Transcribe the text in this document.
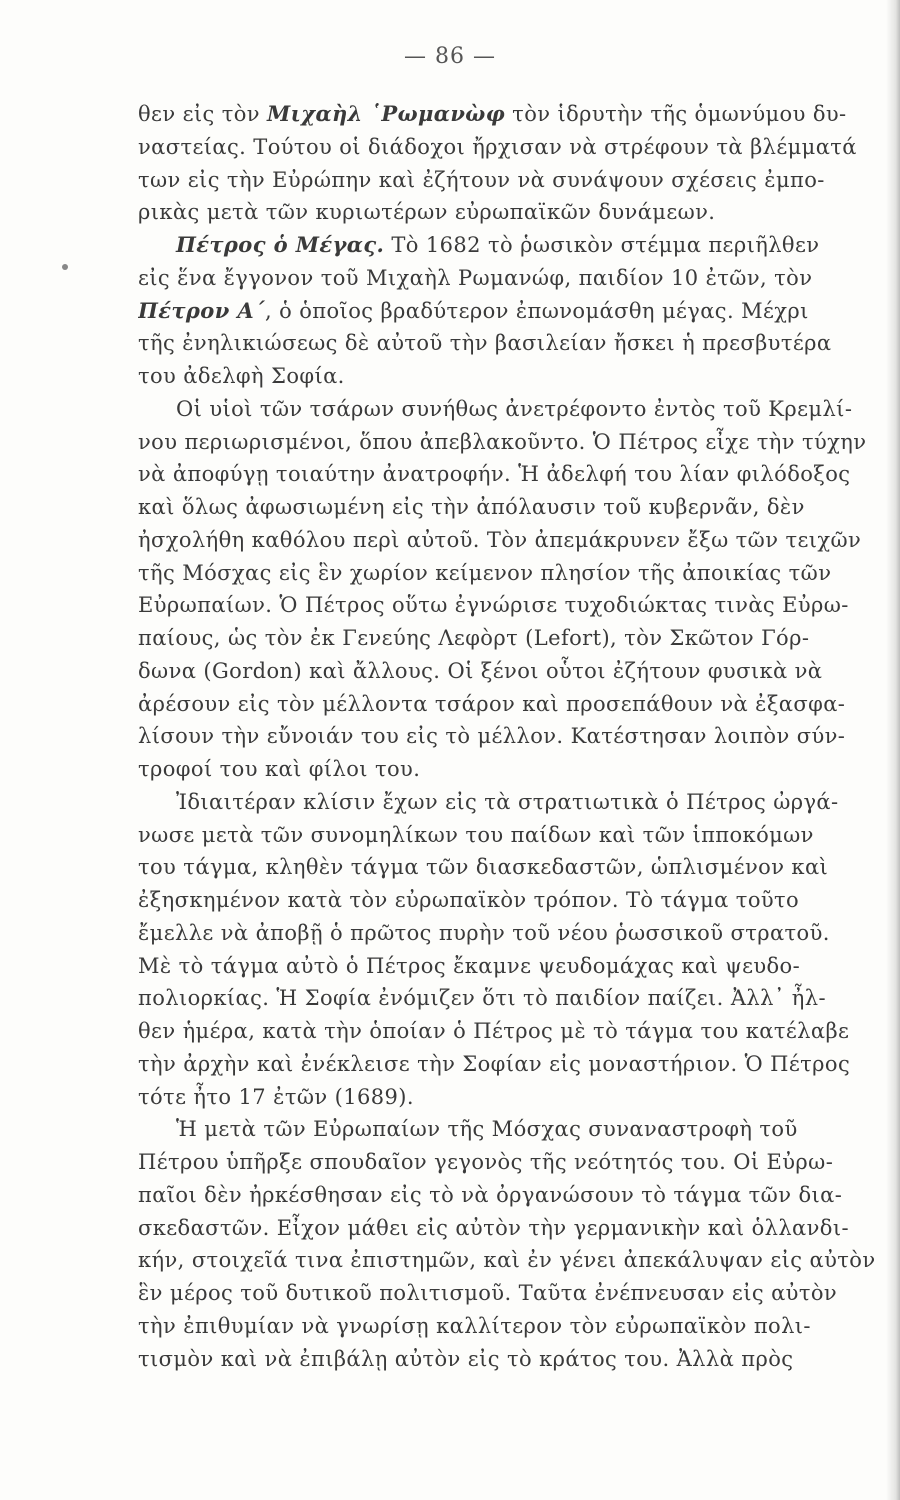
— 86 —
θεν εἰς τὸν Μιχαὴλ ῾Ρωμανὼφ τὸν ἱδρυτὴν τῆς ὁμωνύμου δυ-
ναστείας. Τούτου οἱ διάδοχοι ἤρχισαν νὰ στρέφουν τὰ βλέμματά
των εἰς τὴν Εὐρώπην καὶ ἐζήτουν νὰ συνάψουν σχέσεις ἐμπο-
ρικὰς μετὰ τῶν κυριωτέρων εὐρωπαϊκῶν δυνάμεων.
Πέτρος ὁ Μέγας. Τὸ 1682 τὸ ῥωσικὸν στέμμα περιῆλθεν
εἰς ἕνα ἔγγονον τοῦ Μιχαὴλ Ρωμανώφ, παιδίον 10 ἐτῶν, τὸν
Πέτρον Α΄, ὁ ὁποῖος βραδύτερον ἐπωνομάσθη μέγας. Μέχρι
τῆς ἐνηλικιώσεως δὲ αὐτοῦ τὴν βασιλείαν ἤσκει ἡ πρεσβυτέρα
του ἀδελφὴ Σοφία.
Οἱ υἱοὶ τῶν τσάρων συνήθως ἀνετρέφοντο ἐντὸς τοῦ Κρεμλί-
νου περιωρισμένοι, ὅπου ἀπεβλακοῦντο. Ὁ Πέτρος εἶχε τὴν τύχην
νὰ ἀποφύγῃ τοιαύτην ἀνατροφήν. Ἡ ἀδελφή του λίαν φιλόδοξος
καὶ ὅλως ἀφωσιωμένη εἰς τὴν ἀπόλαυσιν τοῦ κυβερνᾶν, δὲν
ἠσχολήθη καθόλου περὶ αὐτοῦ. Τὸν ἀπεμάκρυνεν ἔξω τῶν τειχῶν
τῆς Μόσχας εἰς ἓν χωρίον κείμενον πλησίον τῆς ἀποικίας τῶν
Εὐρωπαίων. Ὁ Πέτρος οὕτω ἐγνώρισε τυχοδιώκτας τινὰς Εὐρω-
παίους, ὡς τὸν ἐκ Γενεύης Λεφὸρτ (Lefort), τὸν Σκῶτον Γόρ-
δωνα (Gordon) καὶ ἄλλους. Οἱ ξένοι οὗτοι ἐζήτουν φυσικὰ νὰ
ἀρέσουν εἰς τὸν μέλλοντα τσάρον καὶ προσεπάθουν νὰ ἐξασφα-
λίσουν τὴν εὔνοιάν του εἰς τὸ μέλλον. Κατέστησαν λοιπὸν σύν-
τροφοί του καὶ φίλοι του.
Ἰδιαιτέραν κλίσιν ἔχων εἰς τὰ στρατιωτικὰ ὁ Πέτρος ὠργά-
νωσε μετὰ τῶν συνομηλίκων του παίδων καὶ τῶν ἱπποκόμων
του τάγμα, κληθὲν τάγμα τῶν διασκεδαστῶν, ὡπλισμένον καὶ
ἐξησκημένον κατὰ τὸν εὐρωπαϊκὸν τρόπον. Τὸ τάγμα τοῦτο
ἔμελλε νὰ ἀποβῇ ὁ πρῶτος πυρὴν τοῦ νέου ῥωσσικοῦ στρατοῦ.
Μὲ τὸ τάγμα αὐτὸ ὁ Πέτρος ἔκαμνε ψευδομάχας καὶ ψευδο-
πολιορκίας. Ἡ Σοφία ἐνόμιζεν ὅτι τὸ παιδίον παίζει. Ἀλλ᾽ ἦλ-
θεν ἡμέρα, κατὰ τὴν ὁποίαν ὁ Πέτρος μὲ τὸ τάγμα του κατέλαβε
τὴν ἀρχὴν καὶ ἐνέκλεισε τὴν Σοφίαν εἰς μοναστήριον. Ὁ Πέτρος
τότε ἦτο 17 ἐτῶν (1689).
Ἡ μετὰ τῶν Εὐρωπαίων τῆς Μόσχας συναναστροφὴ τοῦ
Πέτρου ὑπῆρξε σπουδαῖον γεγονὸς τῆς νεότητός του. Οἱ Εὐρω-
παῖοι δὲν ἠρκέσθησαν εἰς τὸ νὰ ὀργανώσουν τὸ τάγμα τῶν δια-
σκεδαστῶν. Εἶχον μάθει εἰς αὐτὸν τὴν γερμανικὴν καὶ ὁλλανδι-
κήν, στοιχεῖά τινα ἐπιστημῶν, καὶ ἐν γένει ἀπεκάλυψαν εἰς αὐτὸν
ἓν μέρος τοῦ δυτικοῦ πολιτισμοῦ. Ταῦτα ἐνέπνευσαν εἰς αὐτὸν
τὴν ἐπιθυμίαν νὰ γνωρίσῃ καλλίτερον τὸν εὐρωπαϊκὸν πολι-
τισμὸν καὶ νὰ ἐπιβάλῃ αὐτὸν εἰς τὸ κράτος του. Ἀλλὰ πρὸς
